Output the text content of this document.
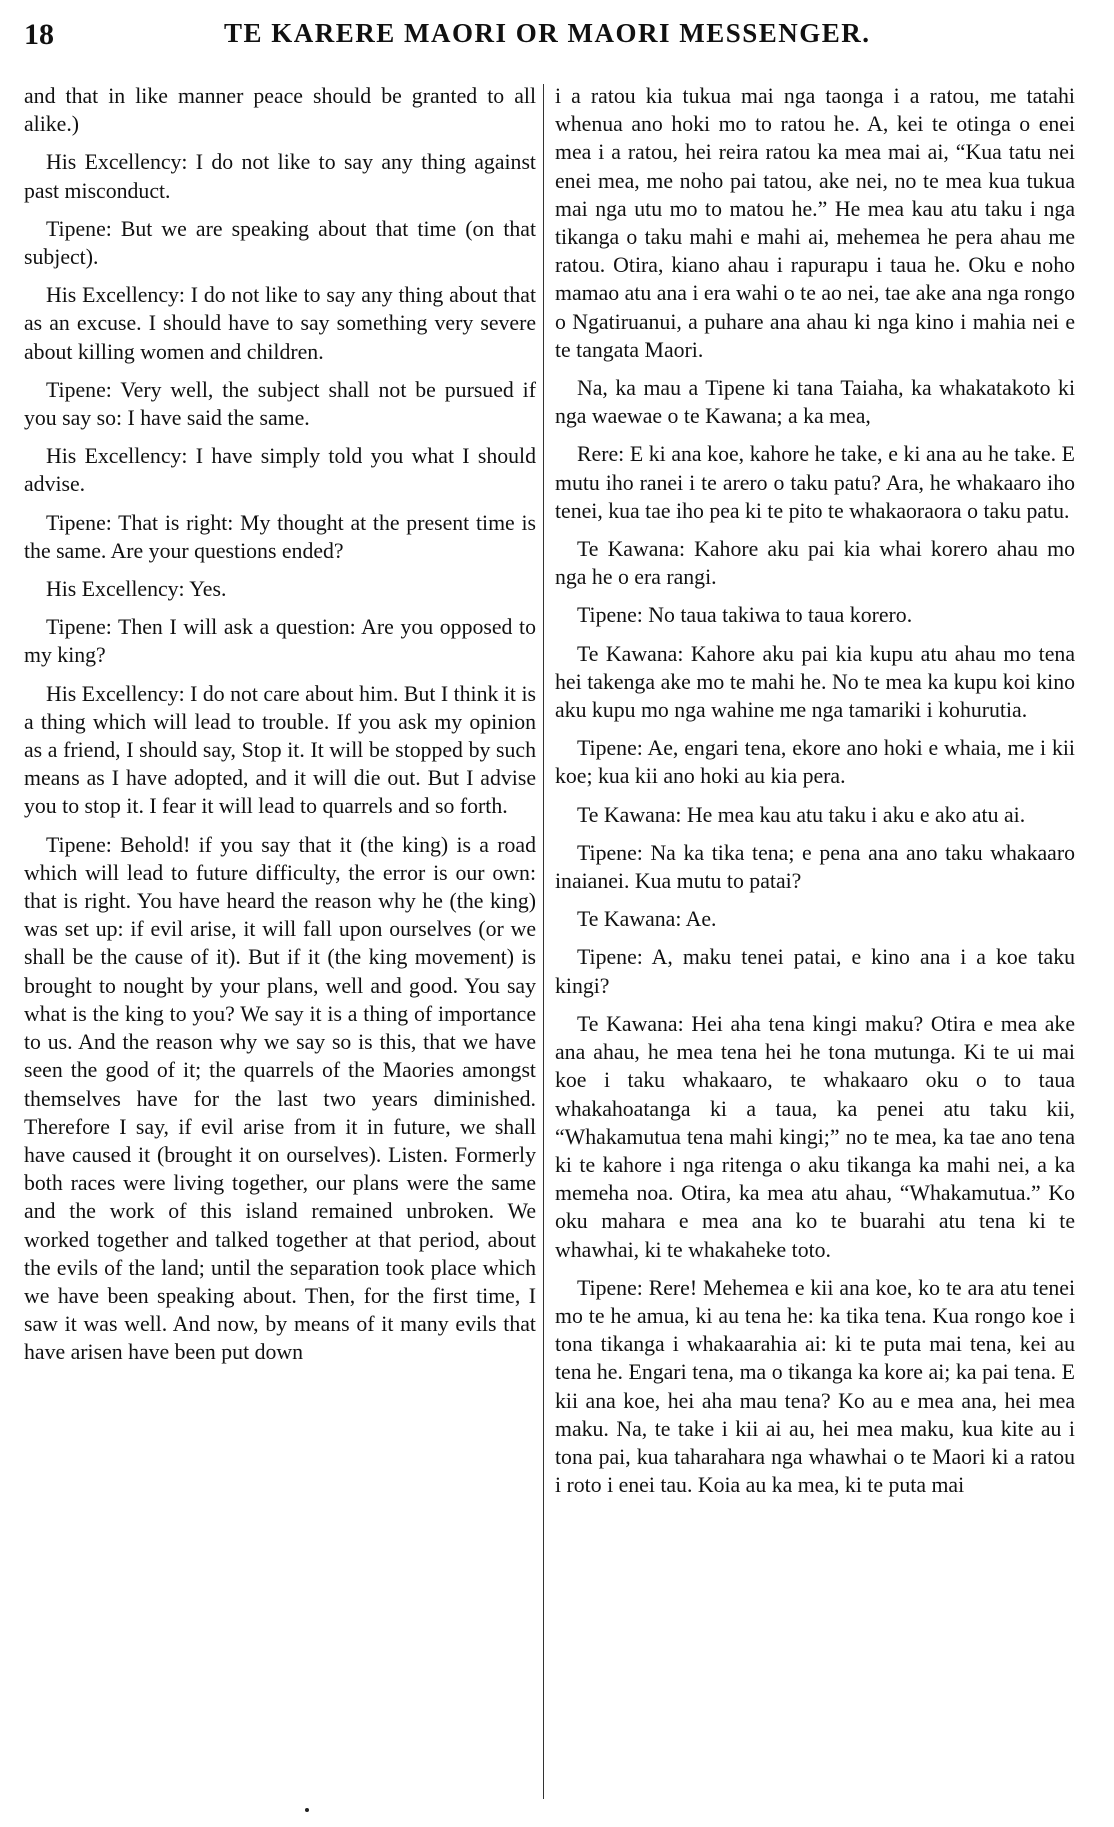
18	TE KARERE MAORI OR MAORI MESSENGER.

and that in like manner peace should be granted to all alike.)

His Excellency: I do not like to say any thing against past misconduct.

Tipene: But we are speaking about that time (on that subject).

His Excellency: I do not like to say any thing about that as an excuse. I should have to say something very severe about killing women and children.

Tipene: Very well, the subject shall not be pursued if you say so: I have said the same.

His Excellency: I have simply told you what I should advise.

Tipene: That is right: My thought at the present time is the same. Are your questions ended?

His Excellency: Yes.

Tipene: Then I will ask a question: Are you opposed to my king?

His Excellency: I do not care about him. But I think it is a thing which will lead to trouble. If you ask my opinion as a friend, I should say, Stop it. It will be stopped by such means as I have adopted, and it will die out. But I advise you to stop it. I fear it will lead to quarrels and so forth.

Tipene: Behold! if you say that it (the king) is a road which will lead to future difficulty, the error is our own: that is right. You have heard the reason why he (the king) was set up: if evil arise, it will fall upon ourselves (or we shall be the cause of it). But if it (the king movement) is brought to nought by your plans, well and good. You say what is the king to you? We say it is a thing of importance to us. And the reason why we say so is this, that we have seen the good of it; the quarrels of the Maories amongst themselves have for the last two years diminished. Therefore I say, if evil arise from it in future, we shall have caused it (brought it on ourselves). Listen. Formerly both races were living together, our plans were the same and the work of this island remained unbroken. We worked together and talked together at that period, about the evils of the land; until the separation took place which we have been speaking about. Then, for the first time, I saw it was well. And now, by means of it many evils that have arisen have been put down

i a ratou kia tukua mai nga taonga i a ratou, me tatahi whenua ano hoki mo to ratou he. A, kei te otinga o enei mea i a ratou, hei reira ratou ka mea mai ai, “Kua tatu nei enei mea, me noho pai tatou, ake nei, no te mea kua tukua mai nga utu mo to matou he.” He mea kau atu taku i nga tikanga o taku mahi e mahi ai, mehemea he pera ahau me ratou. Otira, kiano ahau i rapurapu i taua he. Oku e noho mamao atu ana i era wahi o te ao nei, tae ake ana nga rongo o Ngatiruanui, a puhare ana ahau ki nga kino i mahia nei e te tangata Maori.

Na, ka mau a Tipene ki tana Taiaha, ka whakatakoto ki nga waewae o te Kawana; a ka mea,

Rere: E ki ana koe, kahore he take, e ki ana au he take. E mutu iho ranei i te arero o taku patu? Ara, he whakaaro iho tenei, kua tae iho pea ki te pito te whakaoraora o taku patu.

Te Kawana: Kahore aku pai kia whai korero ahau mo nga he o era rangi.

Tipene: No taua takiwa to taua korero.

Te Kawana: Kahore aku pai kia kupu atu ahau mo tena hei takenga ake mo te mahi he. No te mea ka kupu koi kino aku kupu mo nga wahine me nga tamariki i kohurutia.

Tipene: Ae, engari tena, ekore ano hoki e whaia, me i kii koe; kua kii ano hoki au kia pera.

Te Kawana: He mea kau atu taku i aku e ako atu ai.

Tipene: Na ka tika tena; e pena ana ano taku whakaaro inaianei. Kua mutu to patai?

Te Kawana: Ae.

Tipene: A, maku tenei patai, e kino ana i a koe taku kingi?

Te Kawana: Hei aha tena kingi maku? Otira e mea ake ana ahau, he mea tena hei he tona mutunga. Ki te ui mai koe i taku whakaaro, te whakaaro oku o to taua whakahoatanga ki a taua, ka penei atu taku kii, “Whakamutua tena mahi kingi;” no te mea, ka tae ano tena ki te kahore i nga ritenga o aku tikanga ka mahi nei, a ka memeha noa. Otira, ka mea atu ahau, “Whakamutua.” Ko oku mahara e mea ana ko te buarahi atu tena ki te whawhai, ki te whakaheke toto.

Tipene: Rere! Mehemea e kii ana koe, ko te ara atu tenei mo te he amua, ki au tena he: ka tika tena. Kua rongo koe i tona tikanga i whakaarahia ai: ki te puta mai tena, kei au tena he. Engari tena, ma o tikanga ka kore ai; ka pai tena. E kii ana koe, hei aha mau tena? Ko au e mea ana, hei mea maku. Na, te take i kii ai au, hei mea maku, kua kite au i tona pai, kua taharahara nga whawhai o te Maori ki a ratou i roto i enei tau. Koia au ka mea, ki te puta mai
